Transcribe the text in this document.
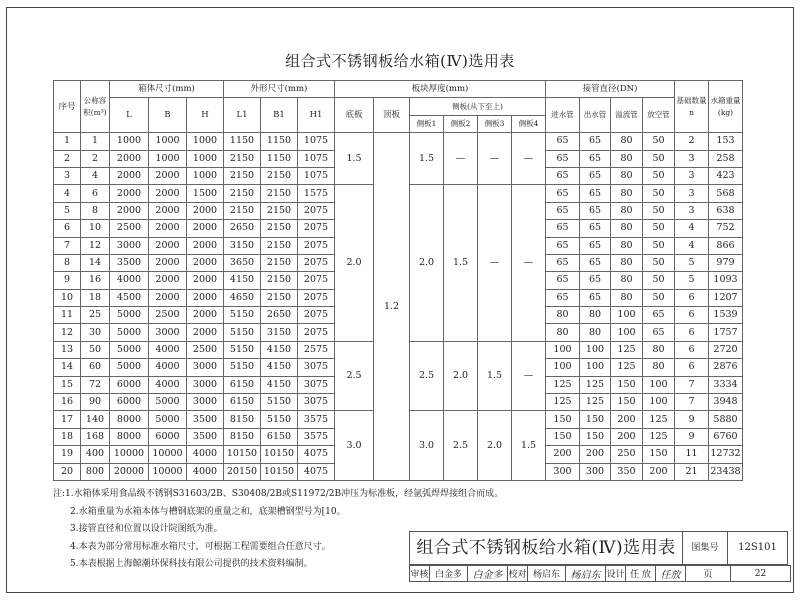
组合式不锈钢板给水箱(Ⅳ)选用表
序号	公称容积(m³)	箱体尺寸(mm)			外形尺寸(mm)			板块厚度(mm)						接管直径(DN)				基础数量n	水箱重量(kg)
		L	B	H	L1	B1	H1	底板	顶板	侧板(从下至上)				进水管	出水管	溢流管	放空管		
										侧板1	侧板2	侧板3	侧板4						
1	1	1000	1000	1000	1150	1150	1075	1.5	1.2	1.5	—	—	—	65	65	80	50	2	153
2	2	2000	1000	1000	2150	1150	1075							65	65	80	50	3	258
3	4	2000	2000	1000	2150	2150	1075							65	65	80	50	3	423
4	6	2000	2000	1500	2150	2150	1575	2.0		2.0	1.5	—	—	65	65	80	50	3	568
5	8	2000	2000	2000	2150	2150	2075							65	65	80	50	3	638
6	10	2500	2000	2000	2650	2150	2075							65	65	80	50	4	752
7	12	3000	2000	2000	3150	2150	2075							65	65	80	50	4	866
8	14	3500	2000	2000	3650	2150	2075							65	65	80	50	5	979
9	16	4000	2000	2000	4150	2150	2075							65	65	80	50	5	1093
10	18	4500	2000	2000	4650	2150	2075							65	65	80	50	6	1207
11	25	5000	2500	2000	5150	2650	2075							80	80	100	65	6	1539
12	30	5000	3000	2000	5150	3150	2075							80	80	100	65	6	1757
13	50	5000	4000	2500	5150	4150	2575	2.5		2.5	2.0	1.5	—	100	100	125	80	6	2720
14	60	5000	4000	3000	5150	4150	3075							100	100	125	80	6	2876
15	72	6000	4000	3000	6150	4150	3075							125	125	150	100	7	3334
16	90	6000	5000	3000	6150	5150	3075							125	125	150	100	7	3948
17	140	8000	5000	3500	8150	5150	3575	3.0		3.0	2.5	2.0	1.5	150	150	200	125	9	5880
18	168	8000	6000	3500	8150	6150	3575							150	150	200	125	9	6760
19	400	10000	10000	4000	10150	10150	4075							200	200	250	150	11	12732
20	800	20000	10000	4000	20150	10150	4075							300	300	350	200	21	23438
注:1.水箱体采用食品级不锈钢S31603/2B、S30408/2B或S11972/2B冲压为标准板，经氩弧焊焊接组合而成。
2.水箱重量为水箱本体与槽钢底架的重量之和，底架槽钢型号为[10。
3.接管直径和位置以设计院图纸为准。
4.本表为部分常用标准水箱尺寸，可根据工程需要组合任意尺寸。
5.本表根据上海鲸潮环保科技有限公司提供的技术资料编制。
组合式不锈钢板给水箱(Ⅳ)选用表	图集号	12S101
审核	白金多	白金多	校对	杨启东	杨启东	设计	任 放	任放	页	22
